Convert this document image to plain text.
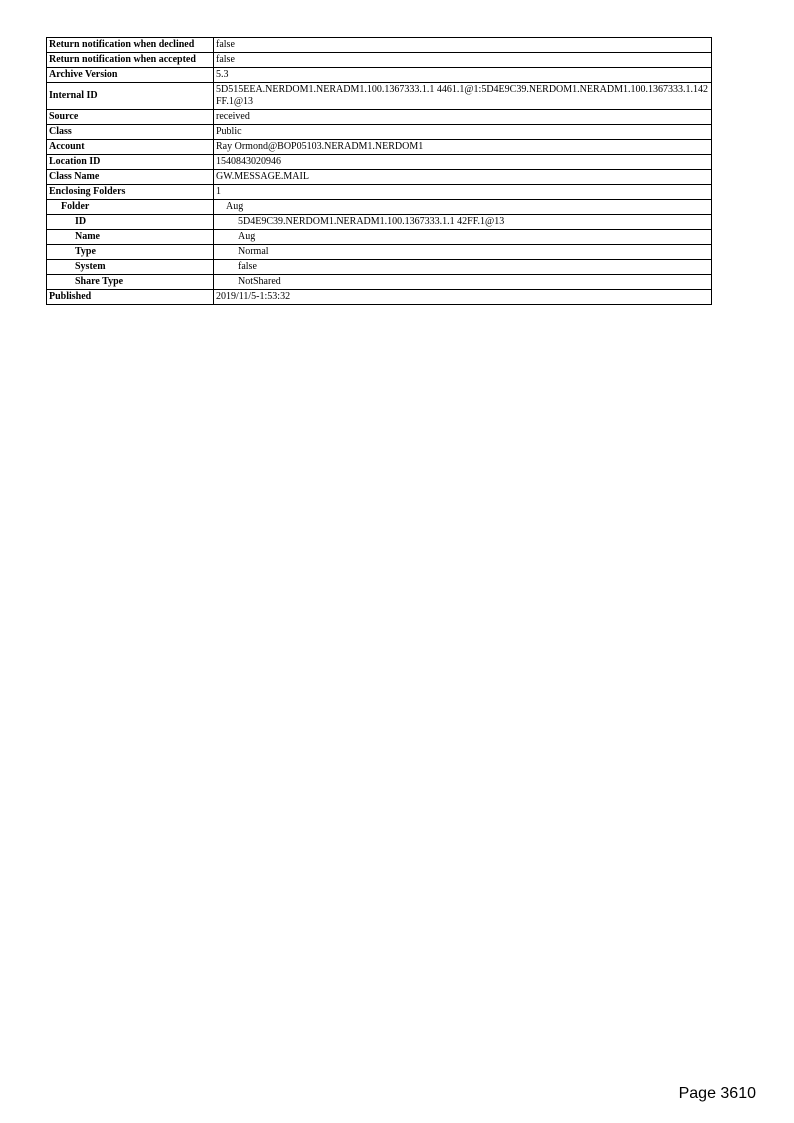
Return notification when declined	false
Return notification when accepted	false
Archive Version	5.3
Internal ID	5D515EEA.NERDOM1.NERADM1.100.1367333.1.1 4461.1@1:5D4E9C39.NERDOM1.NERADM1.100.1367333.1.142FF.1@13
Source	received
Class	Public
Account	Ray Ormond@BOP05103.NERADM1.NERDOM1
Location ID	1540843020946
Class Name	GW.MESSAGE.MAIL
Enclosing Folders	1
Folder	Aug
ID	5D4E9C39.NERDOM1.NERADM1.100.1367333.1.1 42FF.1@13
Name	Aug
Type	Normal
System	false
Share Type	NotShared
Published	2019/11/5-1:53:32
Page 3610
